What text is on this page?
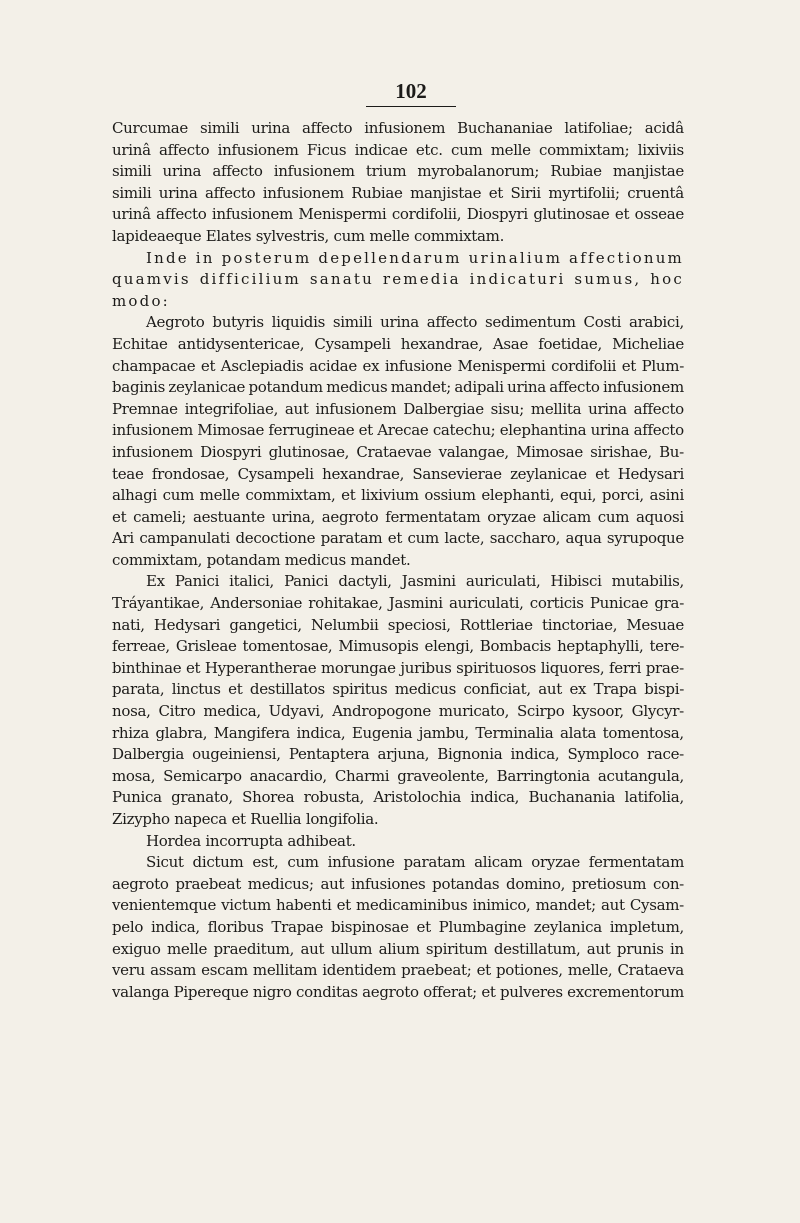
102
Curcumae simili urina affecto infusionem Buchananiae latifoliae; acidâ
urinâ affecto infusionem Ficus indicae etc. cum melle commixtam; lixiviis
simili urina affecto infusionem trium myrobalanorum; Rubiae manjistae
simili urina affecto infusionem Rubiae manjistae et Sirii myrtifolii; cruentâ
urinâ affecto infusionem Menispermi cordifolii, Diospyri glutinosae et osseae
lapideaeque Elates sylvestris, cum melle commixtam.
Inde in posterum depellendarum urinalium affectionum
quamvis difficilium sanatu remedia indicaturi sumus, hoc
modo:
Aegroto butyris liquidis simili urina affecto sedimentum Costi arabici,
Echitae antidysentericae, Cysampeli hexandrae, Asae foetidae, Micheliae
champacae et Asclepiadis acidae ex infusione Menispermi cordifolii et Plum-
baginis zeylanicae potandum medicus mandet; adipali urina affecto infusionem
Premnae integrifoliae, aut infusionem Dalbergiae sisu; mellita urina affecto
infusionem Mimosae ferrugineae et Arecae catechu; elephantina urina affecto
infusionem Diospyri glutinosae, Crataevae valangae, Mimosae sirishae, Bu-
teae frondosae, Cysampeli hexandrae, Sansevierae zeylanicae et Hedysari
alhagi cum melle commixtam, et lixivium ossium elephanti, equi, porci, asini
et cameli; aestuante urina, aegroto fermentatam oryzae alicam cum aquosi
Ari campanulati decoctione paratam et cum lacte, saccharo, aqua syrupoque
commixtam, potandam medicus mandet.
Ex Panici italici, Panici dactyli, Jasmini auriculati, Hibisci mutabilis,
Tráyantikae, Andersoniae rohitakae, Jasmini auriculati, corticis Punicae gra-
nati, Hedysari gangetici, Nelumbii speciosi, Rottleriae tinctoriae, Mesuae
ferreae, Grisleae tomentosae, Mimusopis elengi, Bombacis heptaphylli, tere-
binthinae et Hyperantherae morungae juribus spirituosos liquores, ferri prae-
parata, linctus et destillatos spiritus medicus conficiat, aut ex Trapa bispi-
nosa, Citro medica, Udyavi, Andropogone muricato, Scirpo kysoor, Glycyr-
rhiza glabra, Mangifera indica, Eugenia jambu, Terminalia alata tomentosa,
Dalbergia ougeiniensi, Pentaptera arjuna, Bignonia indica, Symploco race-
mosa, Semicarpo anacardio, Charmi graveolente, Barringtonia acutangula,
Punica granato, Shorea robusta, Aristolochia indica, Buchanania latifolia,
Zizypho napeca et Ruellia longifolia.
Hordea incorrupta adhibeat.
Sicut dictum est, cum infusione paratam alicam oryzae fermentatam
aegroto praebeat medicus; aut infusiones potandas domino, pretiosum con-
venientemque victum habenti et medicaminibus inimico, mandet; aut Cysam-
pelo indica, floribus Trapae bispinosae et Plumbagine zeylanica impletum,
exiguo melle praeditum, aut ullum alium spiritum destillatum, aut prunis in
veru assam escam mellitam identidem praebeat; et potiones, melle, Crataeva
valanga Pipereque nigro conditas aegroto offerat; et pulveres excrementorum
